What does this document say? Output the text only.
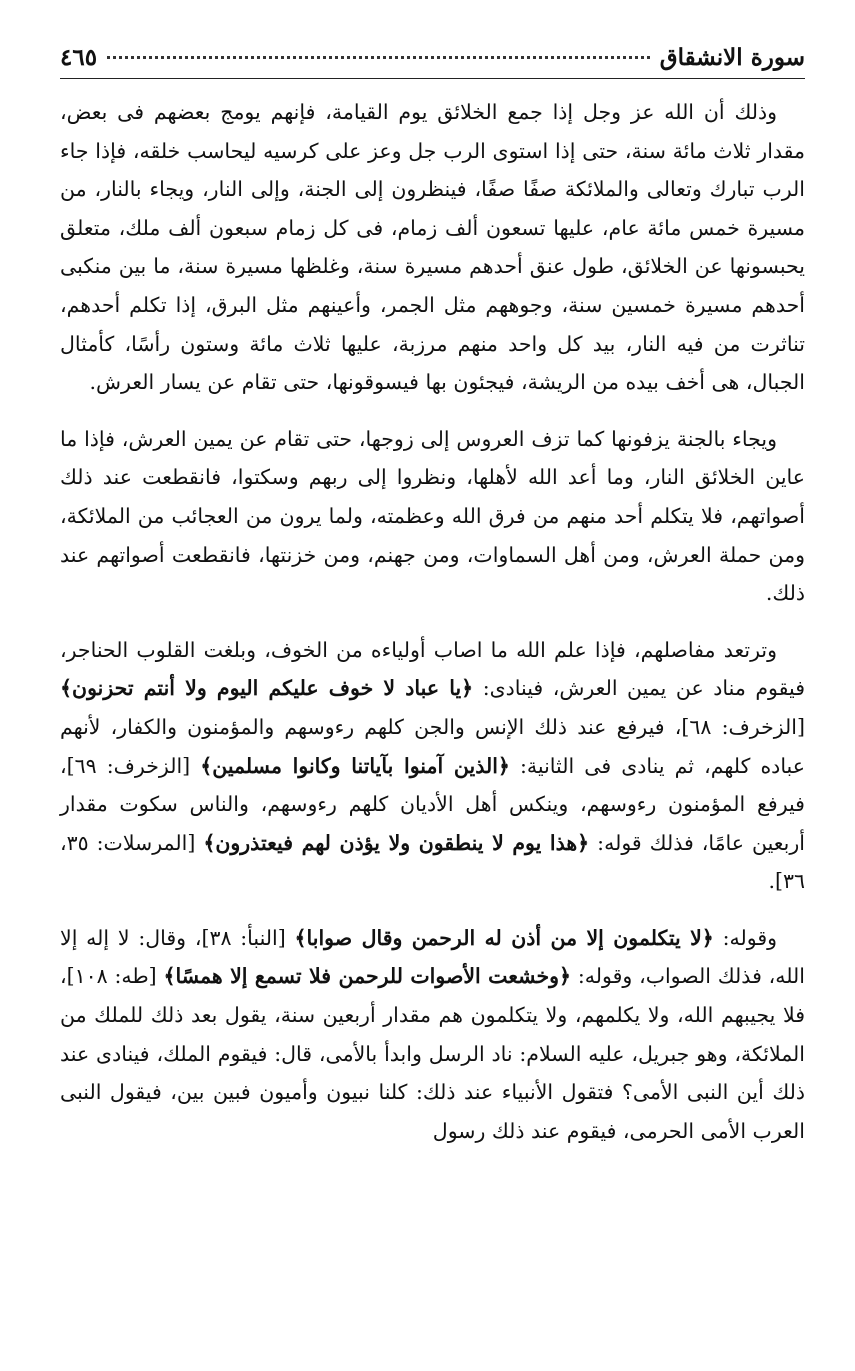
سورة الانشقاق
٤٦٥

وذلك أن الله عز وجل إذا جمع الخلائق يوم القيامة، فإنهم يومج بعضهم فى بعض، مقدار ثلاث مائة سنة، حتى إذا استوى الرب جل وعز على كرسيه ليحاسب خلقه، فإذا جاء الرب تبارك وتعالى والملائكة صفًا صفًا، فينظرون إلى الجنة، وإلى النار، ويجاء بالنار، من مسيرة خمس مائة عام، عليها تسعون ألف زمام، فى كل زمام سبعون ألف ملك، متعلق يحبسونها عن الخلائق، طول عنق أحدهم مسيرة سنة، وغلظها مسيرة سنة، ما بين منكبى أحدهم مسيرة خمسين سنة، وجوههم مثل الجمر، وأعينهم مثل البرق، إذا تكلم أحدهم، تناثرت من فيه النار، بيد كل واحد منهم مرزبة، عليها ثلاث مائة وستون رأسًا، كأمثال الجبال، هى أخف بيده من الريشة، فيجئون بها فيسوقونها، حتى تقام عن يسار العرش.

ويجاء بالجنة يزفونها كما تزف العروس إلى زوجها، حتى تقام عن يمين العرش، فإذا ما عاين الخلائق النار، وما أعد الله لأهلها، ونظروا إلى ربهم وسكتوا، فانقطعت عند ذلك أصواتهم، فلا يتكلم أحد منهم من فرق الله وعظمته، ولما يرون من العجائب من الملائكة، ومن حملة العرش، ومن أهل السماوات، ومن جهنم، ومن خزنتها، فانقطعت أصواتهم عند ذلك.

وترتعد مفاصلهم، فإذا علم الله ما اصاب أولياءه من الخوف، وبلغت القلوب الحناجر، فيقوم مناد عن يمين العرش، فينادى: ﴿يا عباد لا خوف عليكم اليوم ولا أنتم تحزنون﴾ [الزخرف: ٦٨]، فيرفع عند ذلك الإنس والجن كلهم رءوسهم والمؤمنون والكفار، لأنهم عباده كلهم، ثم ينادى فى الثانية: ﴿الذين آمنوا بآياتنا وكانوا مسلمين﴾ [الزخرف: ٦٩]، فيرفع المؤمنون رءوسهم، وينكس أهل الأديان كلهم رءوسهم، والناس سكوت مقدار أربعين عامًا، فذلك قوله: ﴿هذا يوم لا ينطقون ولا يؤذن لهم فيعتذرون﴾ [المرسلات: ٣٥، ٣٦].

وقوله: ﴿لا يتكلمون إلا من أذن له الرحمن وقال صوابا﴾ [النبأ: ٣٨]، وقال: لا إله إلا الله، فذلك الصواب، وقوله: ﴿وخشعت الأصوات للرحمن فلا تسمع إلا همسًا﴾ [طه: ١٠٨]، فلا يجيبهم الله، ولا يكلمهم، ولا يتكلمون هم مقدار أربعين سنة، يقول بعد ذلك للملك من الملائكة، وهو جبريل، عليه السلام: ناد الرسل وابدأ بالأمى، قال: فيقوم الملك، فينادى عند ذلك أين النبى الأمى؟ فتقول الأنبياء عند ذلك: كلنا نبيون وأميون فبين بين، فيقول النبى العرب الأمى الحرمى، فيقوم عند ذلك رسول
